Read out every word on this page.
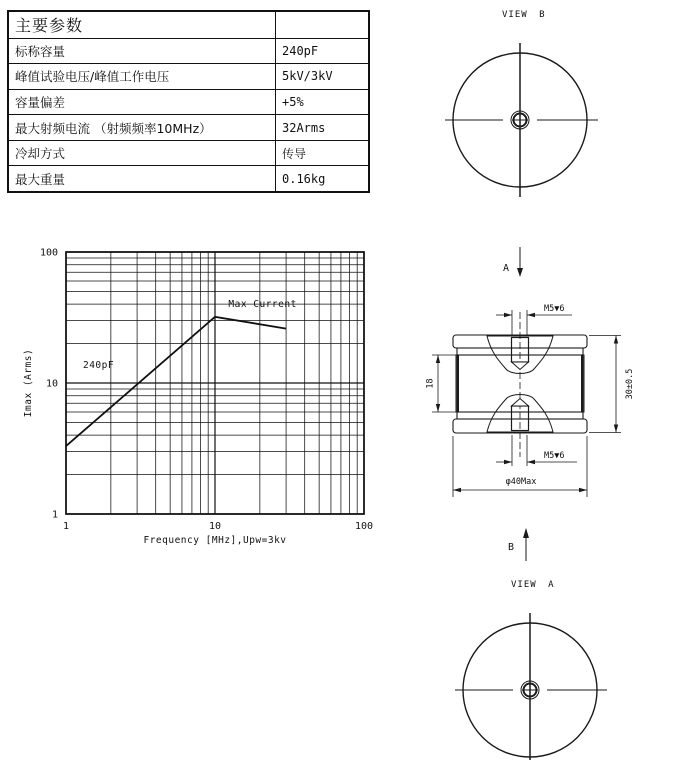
主要参数
标称容量	240pF
峰值试验电压/峰值工作电压	5kV/3kV
容量偏差	+5%
最大射频电流 （射频频率10MHz）	32Arms
冷却方式	传导
最大重量	0.16kg
1	10	100
1
10
100
Frequency [MHz],Upw=3kv
Imax (Arms)	240pF
Max Current
VIEW B
A
M5▼6
M5▼6
18	30±0.5
φ40Max
B
VIEW A
